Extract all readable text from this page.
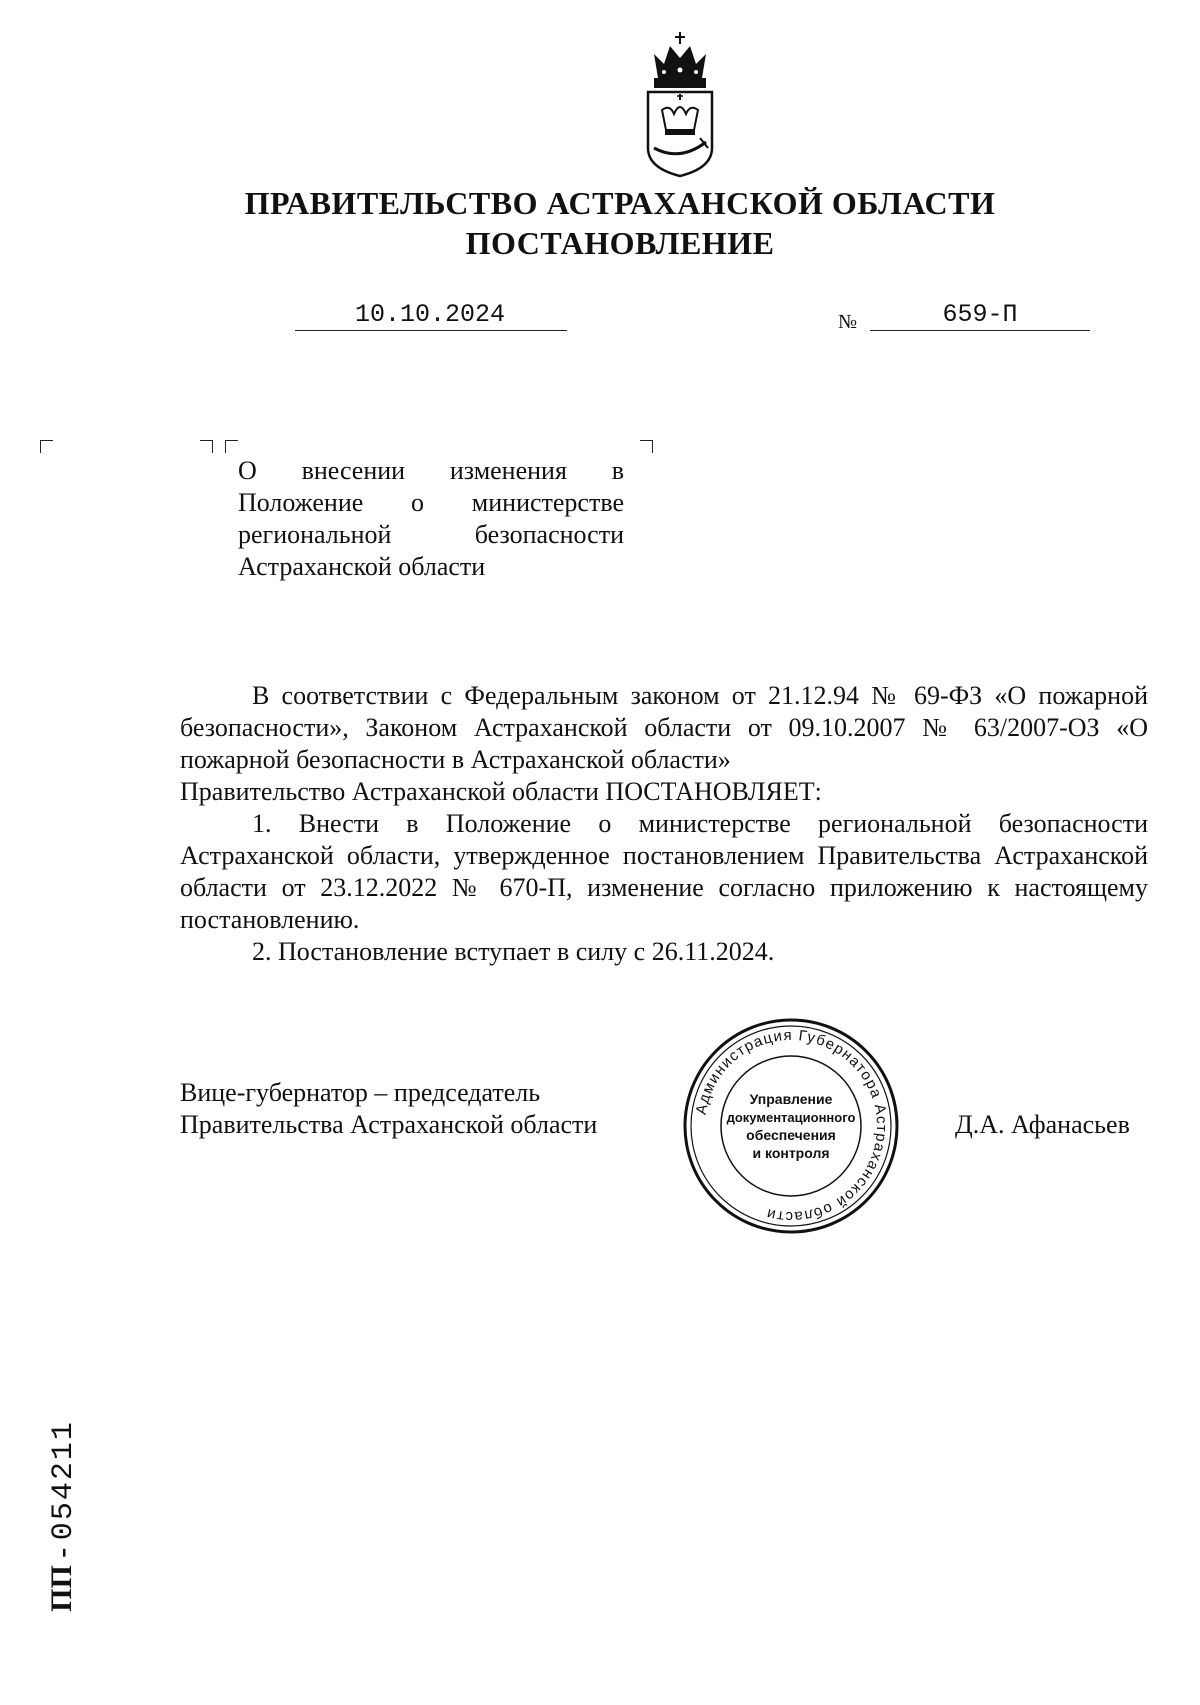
ПРАВИТЕЛЬСТВО АСТРАХАНСКОЙ ОБЛАСТИ
ПОСТАНОВЛЕНИЕ
10.10.2024	№	659-П
О внесении изменения в Положение о министерстве региональной безопасности Астраханской области

В соответствии с Федеральным законом от 21.12.94 № 69-ФЗ «О пожарной безопасности», Законом Астраханской области от 09.10.2007 № 63/2007-ОЗ «О пожарной безопасности в Астраханской области»

Правительство Астраханской области ПОСТАНОВЛЯЕТ:

1. Внести в Положение о министерстве региональной безопасности Астраханской области, утвержденное постановлением Правительства Астраханской области от 23.12.2022 № 670-П, изменение согласно приложению к настоящему постановлению.

2. Постановление вступает в силу с 26.11.2024.

Вице-губернатор – председатель
Правительства Астраханской области	Д.А. Афанасьев
Администрация Губернатора Астраханской области
Управление
документационного
обеспечения
и контроля
ПП - 054211
